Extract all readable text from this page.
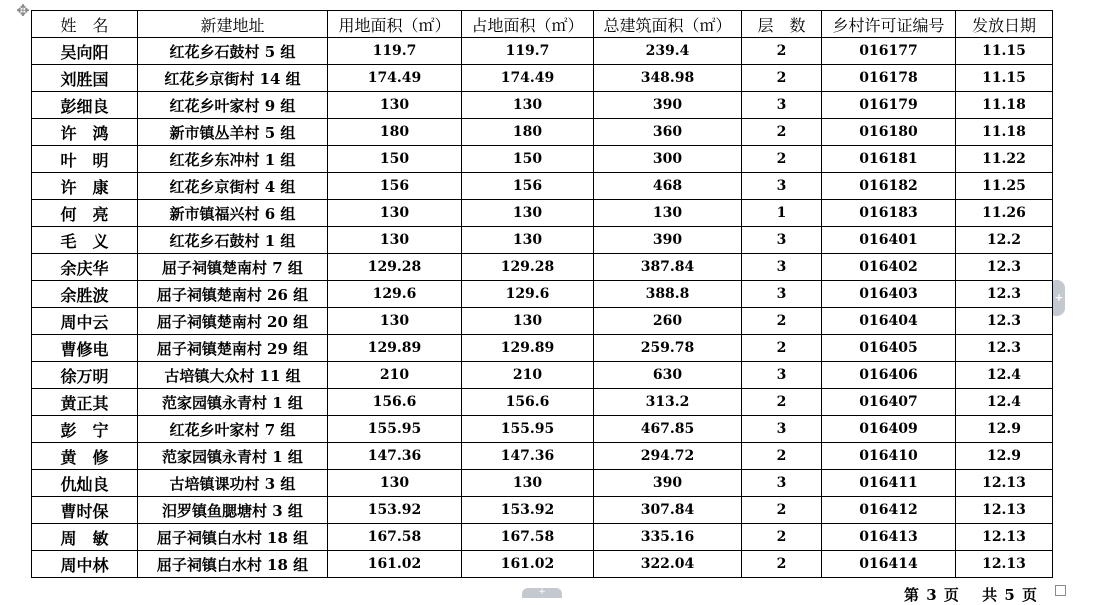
✥
姓　名	新建地址	用地面积（㎡）	占地面积（㎡）	总建筑面积（㎡）	层　数	乡村许可证编号	发放日期
吴向阳	红花乡石鼓村 5 组	119.7	119.7	239.4	2	016177	11.15
刘胜国	红花乡京街村 14 组	174.49	174.49	348.98	2	016178	11.15
彭细良	红花乡叶家村 9 组	130	130	390	3	016179	11.18
许　鸿	新市镇丛羊村 5 组	180	180	360	2	016180	11.18
叶　明	红花乡东冲村 1 组	150	150	300	2	016181	11.22
许　康	红花乡京街村 4 组	156	156	468	3	016182	11.25
何　亮	新市镇福兴村 6 组	130	130	130	1	016183	11.26
毛　义	红花乡石鼓村 1 组	130	130	390	3	016401	12.2
余庆华	屈子祠镇楚南村 7 组	129.28	129.28	387.84	3	016402	12.3
余胜波	屈子祠镇楚南村 26 组	129.6	129.6	388.8	3	016403	12.3
周中云	屈子祠镇楚南村 20 组	130	130	260	2	016404	12.3
曹修电	屈子祠镇楚南村 29 组	129.89	129.89	259.78	2	016405	12.3
徐万明	古培镇大众村 11 组	210	210	630	3	016406	12.4
黄正其	范家园镇永青村 1 组	156.6	156.6	313.2	2	016407	12.4
彭　宁	红花乡叶家村 7 组	155.95	155.95	467.85	3	016409	12.9
黄　修	范家园镇永青村 1 组	147.36	147.36	294.72	2	016410	12.9
仇灿良	古培镇课功村 3 组	130	130	390	3	016411	12.13
曹时保	汨罗镇鱼腮塘村 3 组	153.92	153.92	307.84	2	016412	12.13
周　敏	屈子祠镇白水村 18 组	167.58	167.58	335.16	2	016413	12.13
周中林	屈子祠镇白水村 18 组	161.02	161.02	322.04	2	016414	12.13
+
+	第 3 页 　共 5 页
